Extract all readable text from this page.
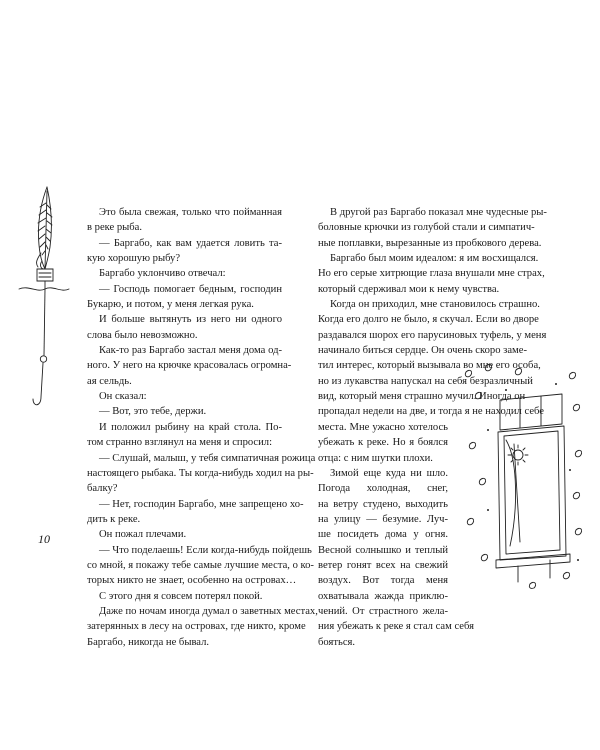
Это была свежая, только что пойманная
в реке рыба.
— Баргабо, как вам удается ловить та-
кую хорошую рыбу?
Баргабо уклончиво отвечал:
— Господь помогает бедным, господин
Букарю, и потом, у меня легкая рука.
И больше вытянуть из него ни одного
слова было невозможно.
Как-то раз Баргабо застал меня дома од-
ного. У него на крючке красовалась огромна-
ая сельдь.
Он сказал:
— Вот, это тебе, держи.
И положил рыбину на край стола. По-
том странно взглянул на меня и спросил:
— Слушай, малыш, у тебя симпатичная рожица
настоящего рыбака. Ты когда-нибудь ходил на ры-
балку?
— Нет, господин Баргабо, мне запрещено хо-
дить к реке.
Он пожал плечами.
— Что поделаешь! Если когда-нибудь пойдешь
со мной, я покажу тебе самые лучшие места, о ко-
торых никто не знает, особенно на островах…
С этого дня я совсем потерял покой.
Даже по ночам иногда думал о заветных местах,
затерянных в лесу на островах, где никто, кроме
Баргабо, никогда не бывал.
10
В другой раз Баргабо показал мне чудесные ры-
боловные крючки из голубой стали и симпатич-
ные поплавки, вырезанные из пробкового дерева.
Баргабо был моим идеалом: я им восхищался.
Но его серые хитрющие глаза внушали мне страх,
который сдерживал мои к нему чувства.
Когда он приходил, мне становилось страшно.
Когда его долго не было, я скучал. Если во дворе
раздавался шорох его парусиновых туфель, у меня
начинало биться сердце. Он очень скоро заме-
тил интерес, который вызывала во мне его особа,
но из лукавства напускал на себя безразличный
вид, который меня страшно мучил. Иногда он
пропадал недели на две, и тогда я не находил себе
места. Мне ужасно хотелось
убежать к реке. Но я боялся
отца: с ним шутки плохи.
Зимой еще куда ни шло.
Погода холодная, снег,
на ветру студено, выходить
на улицу — безумие. Луч-
ше посидеть дома у огня.
Весной солнышко и теплый
ветер гонят всех на свежий
воздух. Вот тогда меня
охватывала жажда приклю-
чений. От страстного жела-
ния убежать к реке я стал сам себя
бояться.
